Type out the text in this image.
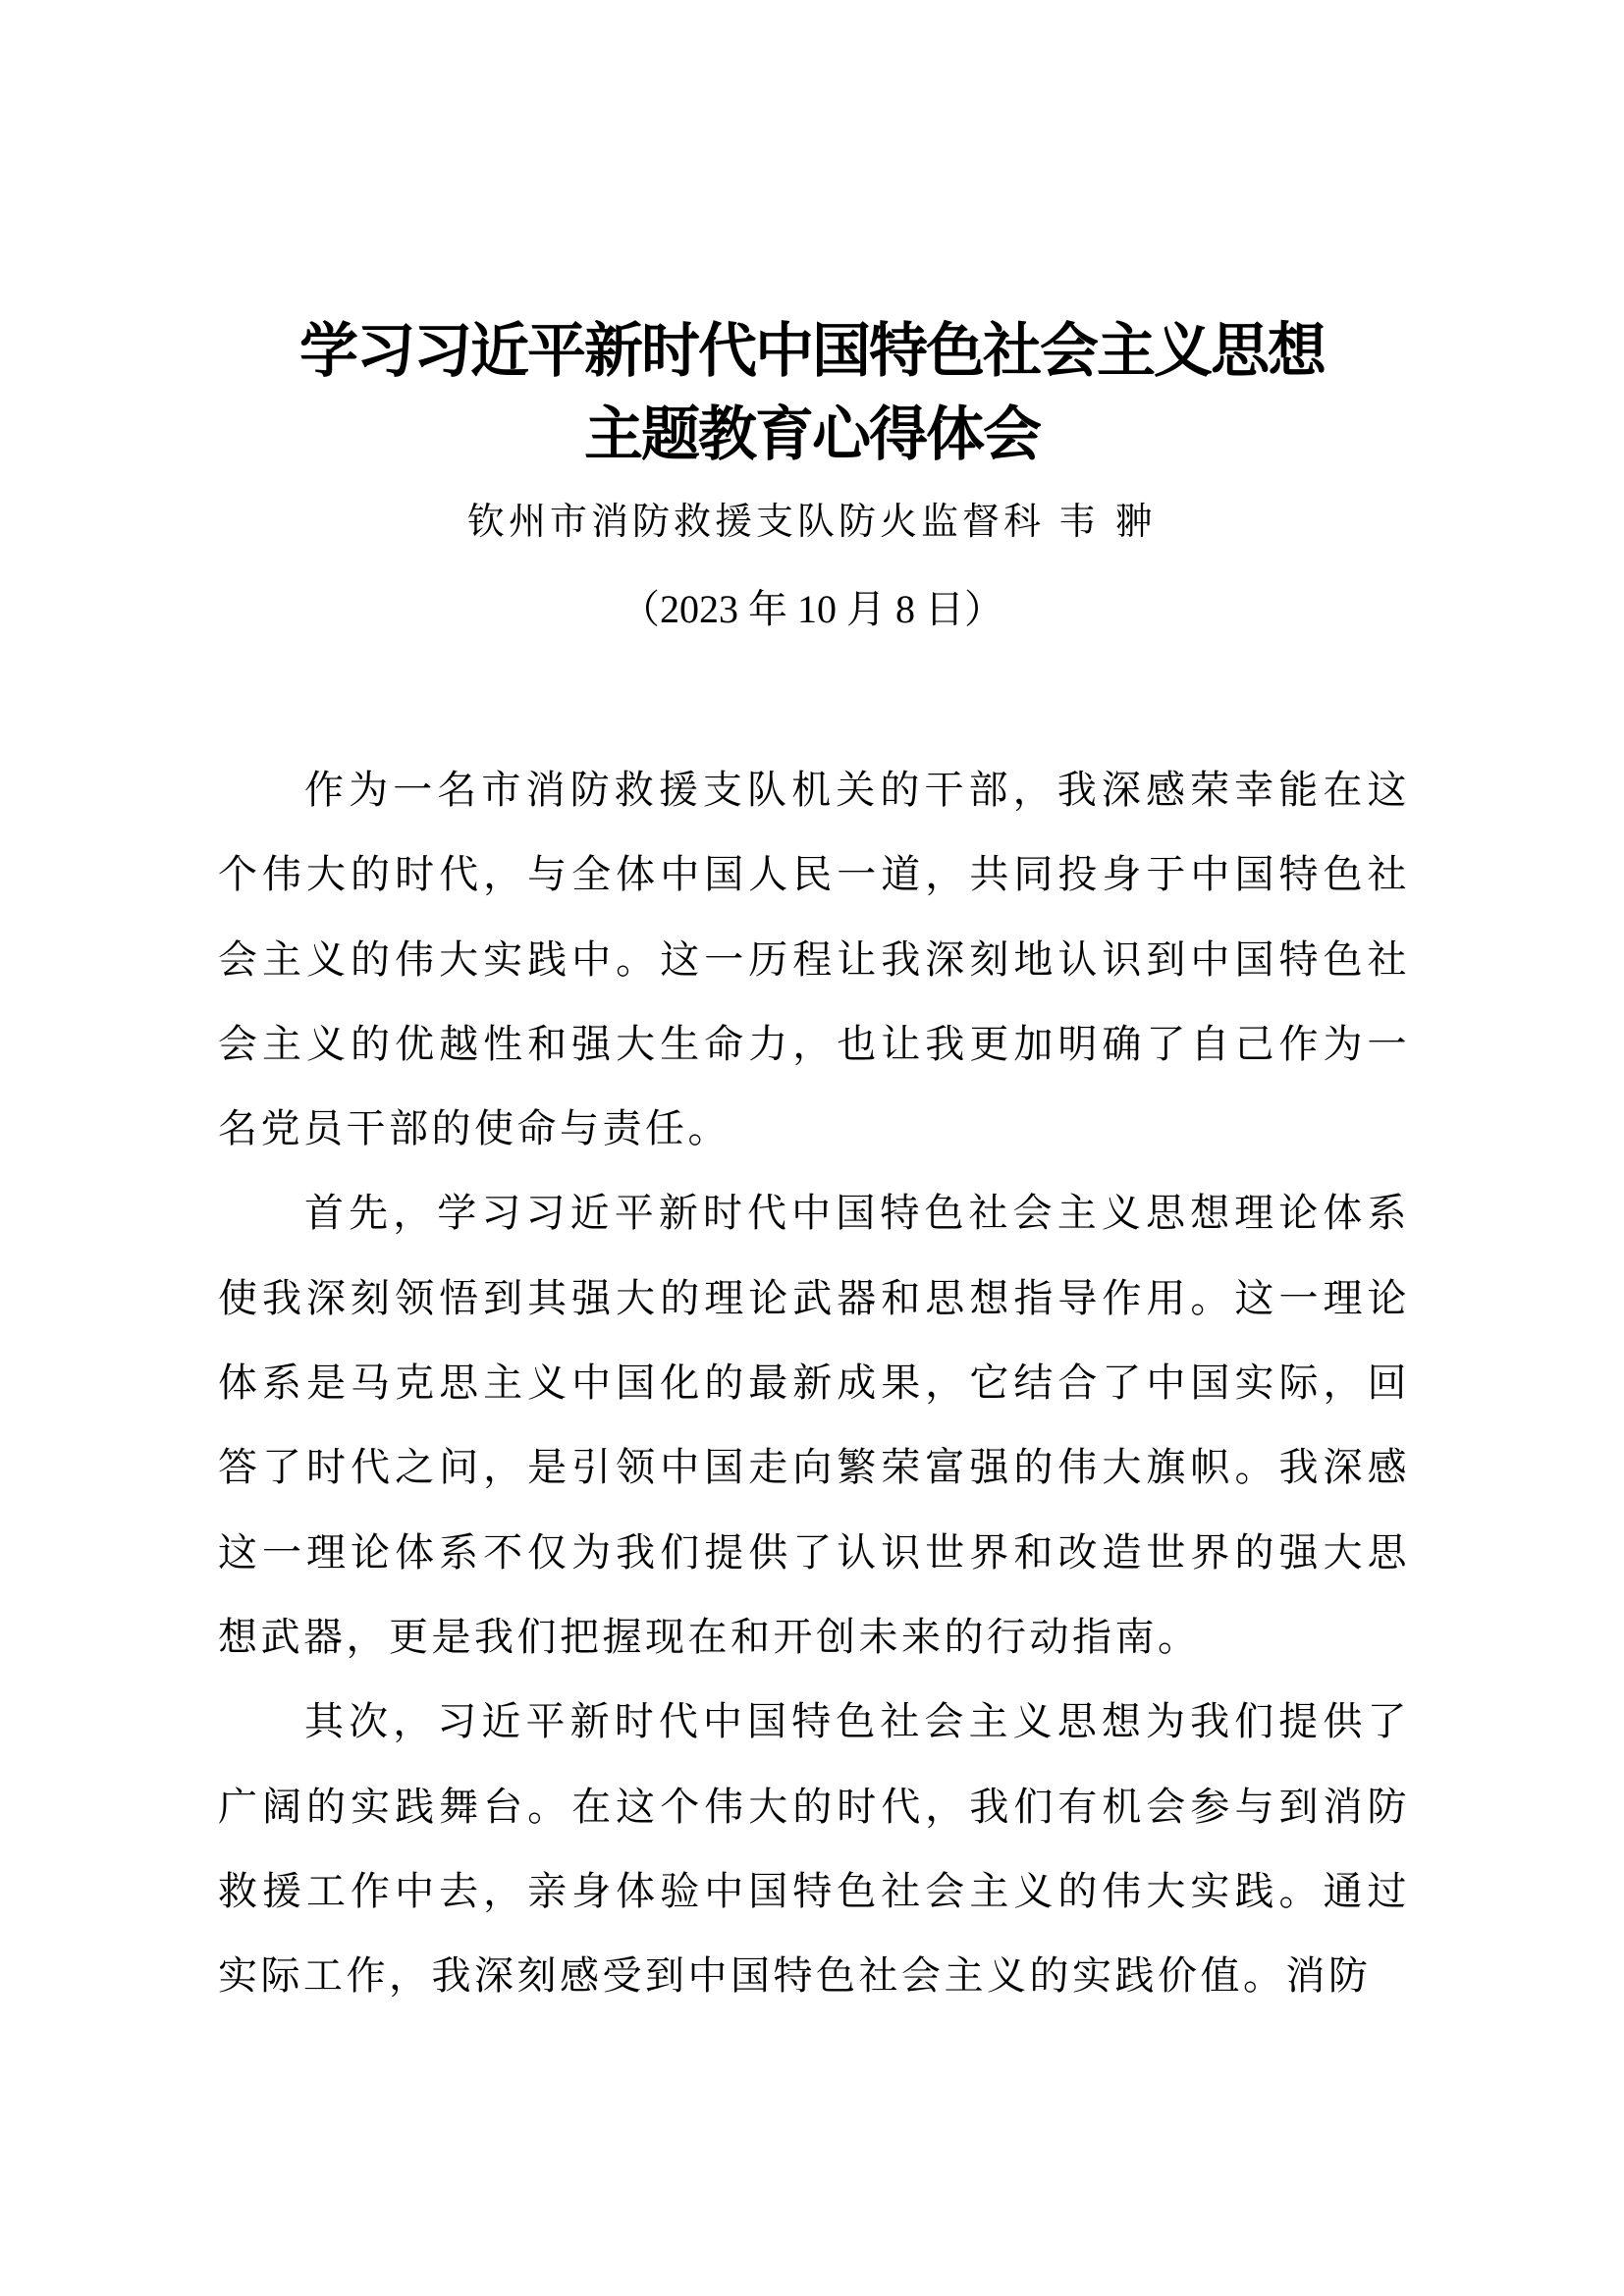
学习习近平新时代中国特色社会主义思想
主题教育心得体会
钦州市消防救援支队防火监督科 韦 翀
（2023 年 10 月 8 日）

作为一名市消防救援支队机关的干部，我深感荣幸能在这个伟大的时代，与全体中国人民一道，共同投身于中国特色社会主义的伟大实践中。这一历程让我深刻地认识到中国特色社会主义的优越性和强大生命力，也让我更加明确了自己作为一名党员干部的使命与责任。

首先，学习习近平新时代中国特色社会主义思想理论体系使我深刻领悟到其强大的理论武器和思想指导作用。这一理论体系是马克思主义中国化的最新成果，它结合了中国实际，回答了时代之问，是引领中国走向繁荣富强的伟大旗帜。我深感这一理论体系不仅为我们提供了认识世界和改造世界的强大思想武器，更是我们把握现在和开创未来的行动指南。

其次，习近平新时代中国特色社会主义思想为我们提供了广阔的实践舞台。在这个伟大的时代，我们有机会参与到消防救援工作中去，亲身体验中国特色社会主义的伟大实践。通过实际工作，我深刻感受到中国特色社会主义的实践价值。消防
